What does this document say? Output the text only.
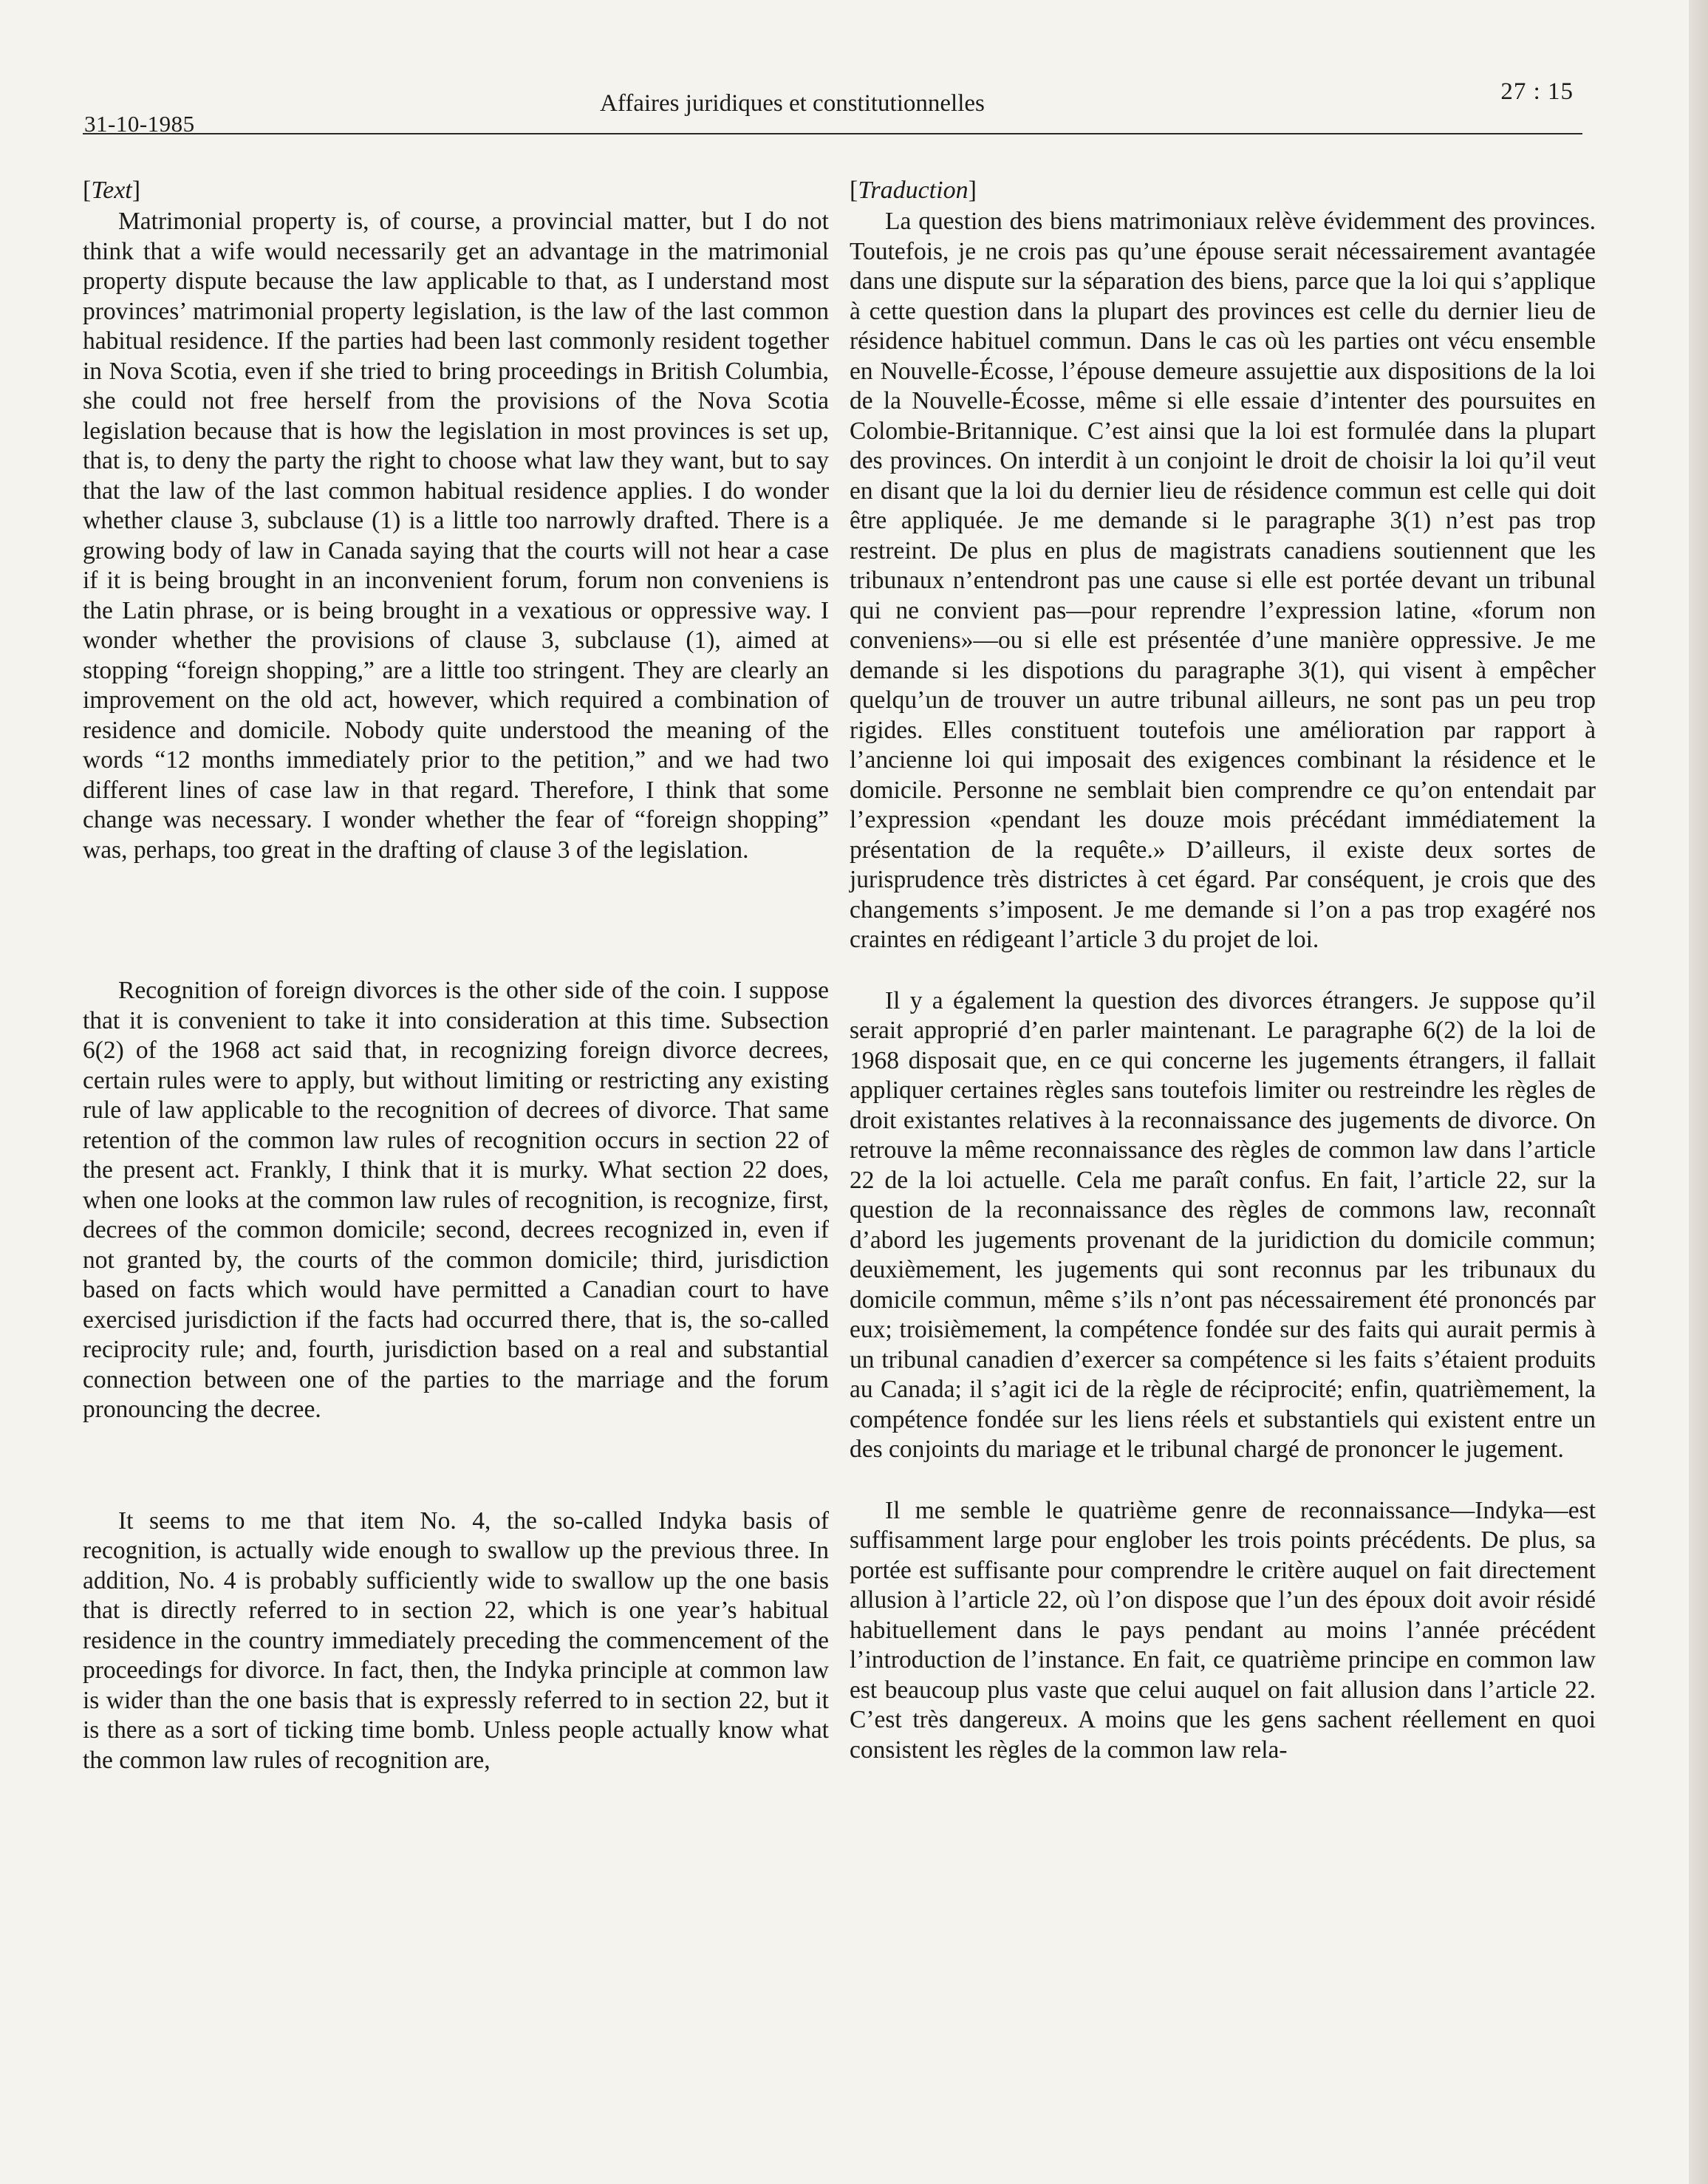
31-10-1985
Affaires juridiques et constitutionnelles	27 : 15
[Text]

Matrimonial property is, of course, a provincial matter, but I do not think that a wife would necessarily get an advantage in the matrimonial property dispute because the law applicable to that, as I understand most provinces’ matrimonial property legislation, is the law of the last common habitual residence. If the parties had been last commonly resident together in Nova Scotia, even if she tried to bring proceedings in British Columbia, she could not free herself from the provisions of the Nova Scotia legislation because that is how the legislation in most provinces is set up, that is, to deny the party the right to choose what law they want, but to say that the law of the last common habitual residence applies. I do wonder whether clause 3, subclause (1) is a little too narrowly drafted. There is a growing body of law in Canada saying that the courts will not hear a case if it is being brought in an inconvenient forum, forum non conveniens is the Latin phrase, or is being brought in a vexatious or oppressive way. I wonder whether the provisions of clause 3, subclause (1), aimed at stopping “foreign shopping,” are a little too stringent. They are clearly an improvement on the old act, however, which required a combination of residence and domicile. Nobody quite understood the meaning of the words “12 months immediately prior to the petition,” and we had two different lines of case law in that regard. Therefore, I think that some change was necessary. I wonder whether the fear of “foreign shopping” was, perhaps, too great in the drafting of clause 3 of the legislation.

Recognition of foreign divorces is the other side of the coin. I suppose that it is convenient to take it into consideration at this time. Subsection 6(2) of the 1968 act said that, in recognizing foreign divorce decrees, certain rules were to apply, but without limiting or restricting any existing rule of law applicable to the recognition of decrees of divorce. That same retention of the common law rules of recognition occurs in section 22 of the present act. Frankly, I think that it is murky. What section 22 does, when one looks at the common law rules of recognition, is recognize, first, decrees of the common domicile; second, decrees recognized in, even if not granted by, the courts of the common domicile; third, jurisdiction based on facts which would have permitted a Canadian court to have exercised jurisdiction if the facts had occurred there, that is, the so-called reciprocity rule; and, fourth, jurisdiction based on a real and substantial connection between one of the parties to the marriage and the forum pronouncing the decree.

It seems to me that item No. 4, the so-called Indyka basis of recognition, is actually wide enough to swallow up the previous three. In addition, No. 4 is probably sufficiently wide to swallow up the one basis that is directly referred to in section 22, which is one year’s habitual residence in the country immediately preceding the commencement of the proceedings for divorce. In fact, then, the Indyka principle at common law is wider than the one basis that is expressly referred to in section 22, but it is there as a sort of ticking time bomb. Unless people actually know what the common law rules of recognition are,

[Traduction]

La question des biens matrimoniaux relève évidemment des provinces. Toutefois, je ne crois pas qu’une épouse serait nécessairement avantagée dans une dispute sur la séparation des biens, parce que la loi qui s’applique à cette question dans la plupart des provinces est celle du dernier lieu de résidence habituel commun. Dans le cas où les parties ont vécu ensemble en Nouvelle-Écosse, l’épouse demeure assujettie aux dispositions de la loi de la Nouvelle-Écosse, même si elle essaie d’intenter des poursuites en Colombie-Britannique. C’est ainsi que la loi est formulée dans la plupart des provinces. On interdit à un conjoint le droit de choisir la loi qu’il veut en disant que la loi du dernier lieu de résidence commun est celle qui doit être appliquée. Je me demande si le paragraphe 3(1) n’est pas trop restreint. De plus en plus de magistrats canadiens soutiennent que les tribunaux n’entendront pas une cause si elle est portée devant un tribunal qui ne convient pas—pour reprendre l’expression latine, «forum non conveniens»—ou si elle est présentée d’une manière oppressive. Je me demande si les dispotions du paragraphe 3(1), qui visent à empêcher quelqu’un de trouver un autre tribunal ailleurs, ne sont pas un peu trop rigides. Elles constituent toutefois une amélioration par rapport à l’ancienne loi qui imposait des exigences combinant la résidence et le domicile. Personne ne semblait bien comprendre ce qu’on entendait par l’expression «pendant les douze mois précédant immédiatement la présentation de la requête.» D’ailleurs, il existe deux sortes de jurisprudence très districtes à cet égard. Par conséquent, je crois que des changements s’imposent. Je me demande si l’on a pas trop exagéré nos craintes en rédigeant l’article 3 du projet de loi.

Il y a également la question des divorces étrangers. Je suppose qu’il serait approprié d’en parler maintenant. Le paragraphe 6(2) de la loi de 1968 disposait que, en ce qui concerne les jugements étrangers, il fallait appliquer certaines règles sans toutefois limiter ou restreindre les règles de droit existantes relatives à la reconnaissance des jugements de divorce. On retrouve la même reconnaissance des règles de common law dans l’article 22 de la loi actuelle. Cela me paraît confus. En fait, l’article 22, sur la question de la reconnaissance des règles de commons law, reconnaît d’abord les jugements provenant de la juridiction du domicile commun; deuxièmement, les jugements qui sont reconnus par les tribunaux du domicile commun, même s’ils n’ont pas nécessairement été prononcés par eux; troisièmement, la compétence fondée sur des faits qui aurait permis à un tribunal canadien d’exercer sa compétence si les faits s’étaient produits au Canada; il s’agit ici de la règle de réciprocité; enfin, quatrièmement, la compétence fondée sur les liens réels et substantiels qui existent entre un des conjoints du mariage et le tribunal chargé de prononcer le jugement.

Il me semble le quatrième genre de reconnaissance—Indyka—est suffisamment large pour englober les trois points précédents. De plus, sa portée est suffisante pour comprendre le critère auquel on fait directement allusion à l’article 22, où l’on dispose que l’un des époux doit avoir résidé habituellement dans le pays pendant au moins l’année précédent l’introduction de l’instance. En fait, ce quatrième principe en common law est beaucoup plus vaste que celui auquel on fait allusion dans l’article 22. C’est très dangereux. A moins que les gens sachent réellement en quoi consistent les règles de la common law rela-
